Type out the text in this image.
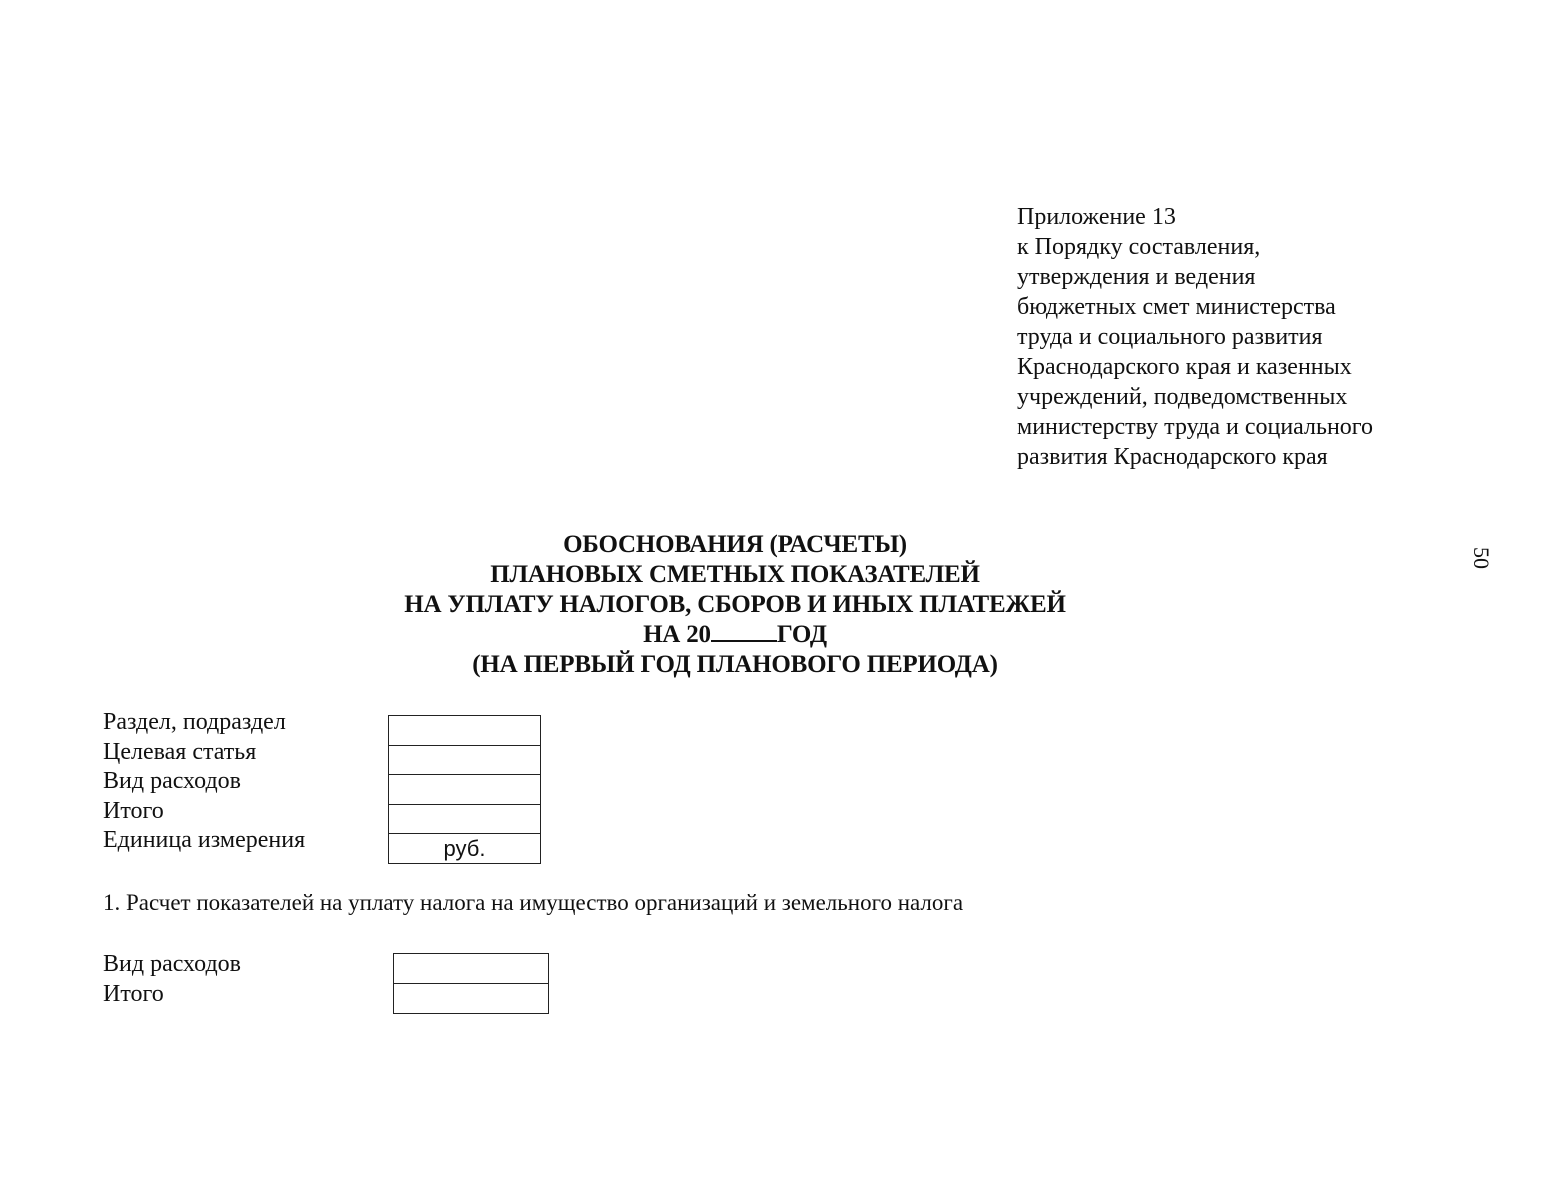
Приложение 13
к Порядку составления,
утверждения и ведения
бюджетных смет министерства
труда и социального развития
Краснодарского края и казенных
учреждений, подведомственных
министерству труда и социального
развития Краснодарского края
50
ОБОСНОВАНИЯ (РАСЧЕТЫ)
ПЛАНОВЫХ СМЕТНЫХ ПОКАЗАТЕЛЕЙ
НА УПЛАТУ НАЛОГОВ, СБОРОВ И ИНЫХ ПЛАТЕЖЕЙ
НА 20	ГОД
(НА ПЕРВЫЙ ГОД ПЛАНОВОГО ПЕРИОДА)
Раздел, подраздел
Целевая статья
Вид расходов
Итого
Единица измерения	руб.
1. Расчет показателей на уплату налога на имущество организаций и земельного налога
Вид расходов
Итого
